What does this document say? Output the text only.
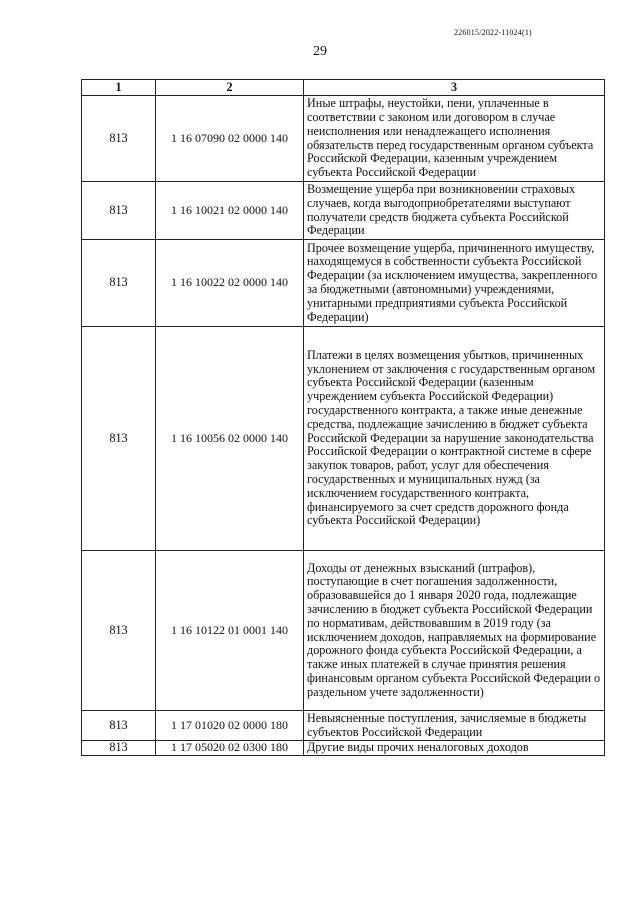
226015/2022-11024(1)
29
1	2	3
813	1 16 07090 02 0000 140	Иные штрафы, неустойки, пени, уплаченные в соответствии с законом или договором в случае неисполнения или ненадлежащего исполнения обязательств перед государственным органом субъекта Российской Федерации, казенным учреждением субъекта Российской Федерации
813	1 16 10021 02 0000 140	Возмещение ущерба при возникновении страховых случаев, когда выгодоприобретателями выступают получатели средств бюджета субъекта Российской Федерации
813	1 16 10022 02 0000 140	Прочее возмещение ущерба, причиненного имуществу, находящемуся в собственности субъекта Российской Федерации (за исключением имущества, закрепленного за бюджетными (автономными) учреждениями, унитарными предприятиями субъекта Российской Федерации)
813	1 16 10056 02 0000 140	Платежи в целях возмещения убытков, причиненных уклонением от заключения с государственным органом субъекта Российской Федерации (казенным учреждением субъекта Российской Федерации) государственного контракта, а также иные денежные средства, подлежащие зачислению в бюджет субъекта Российской Федерации за нарушение законодательства Российской Федерации о контрактной системе в сфере закупок товаров, работ, услуг для обеспечения государственных и муниципальных нужд (за исключением государственного контракта, финансируемого за счет средств дорожного фонда субъекта Российской Федерации)
813	1 16 10122 01 0001 140	Доходы от денежных взысканий (штрафов), поступающие в счет погашения задолженности, образовавшейся до 1 января 2020 года, подлежащие зачислению в бюджет субъекта Российской Федерации по нормативам, действовавшим в 2019 году (за исключением доходов, направляемых на формирование дорожного фонда субъекта Российской Федерации, а также иных платежей в случае принятия решения финансовым органом субъекта Российской Федерации о раздельном учете задолженности)
813	1 17 01020 02 0000 180	Невыясненные поступления, зачисляемые в бюджеты субъектов Российской Федерации
813	1 17 05020 02 0300 180	Другие виды прочих неналоговых доходов
